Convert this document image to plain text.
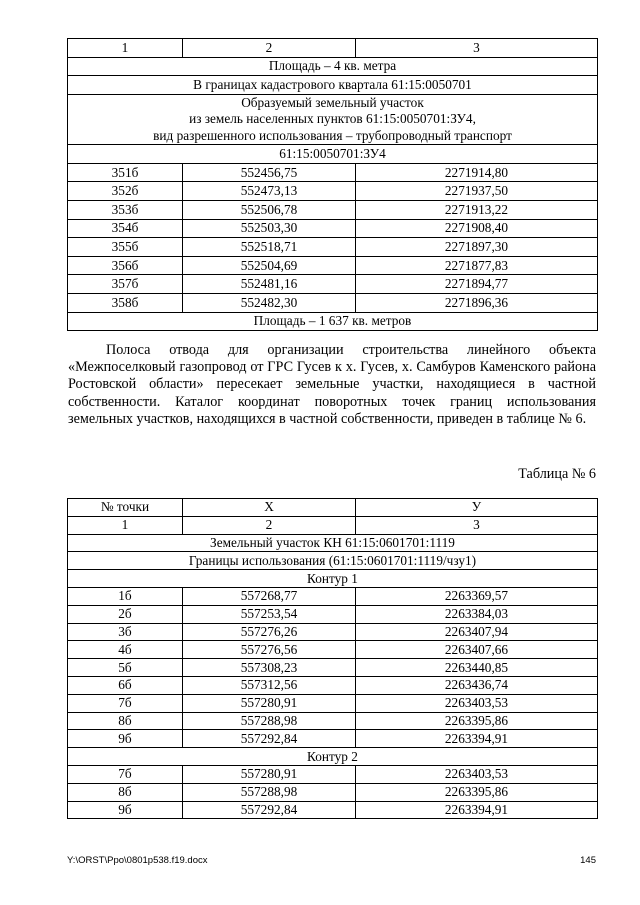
1	2	3
Площадь – 4 кв. метра		
В границах кадастрового квартала 61:15:0050701		

Образуемый земельный участок
из земель населенных пунктов 61:15:0050701:ЗУ4,
вид разрешенного использования – трубопроводный транспорт		

61:15:0050701:ЗУ4		
351б	552456,75	2271914,80
352б	552473,13	2271937,50
353б	552506,78	2271913,22
354б	552503,30	2271908,40
355б	552518,71	2271897,30
356б	552504,69	2271877,83
357б	552481,16	2271894,77
358б	552482,30	2271896,36
Площадь – 1 637 кв. метров		

Полоса отвода для организации строительства линейного объекта «Межпоселковый газопровод от ГРС Гусев к х. Гусев, х. Самбуров Каменского района Ростовской области» пересекает земельные участки, находящиеся в частной собственности. Каталог координат поворотных точек границ использования земельных участков, находящихся в частной собственности, приведен в таблице № 6.

Таблица № 6
№ точки	Х	У
1	2	3
Земельный участок КН 61:15:0601701:1119		
Границы использования (61:15:0601701:1119/чзу1)		
Контур 1		
1б	557268,77	2263369,57
2б	557253,54	2263384,03
3б	557276,26	2263407,94
4б	557276,56	2263407,66
5б	557308,23	2263440,85
6б	557312,56	2263436,74
7б	557280,91	2263403,53
8б	557288,98	2263395,86
9б	557292,84	2263394,91
Контур 2		
7б	557280,91	2263403,53
8б	557288,98	2263395,86
9б	557292,84	2263394,91
Y:\ORST\Ppo\0801p538.f19.docx	145
